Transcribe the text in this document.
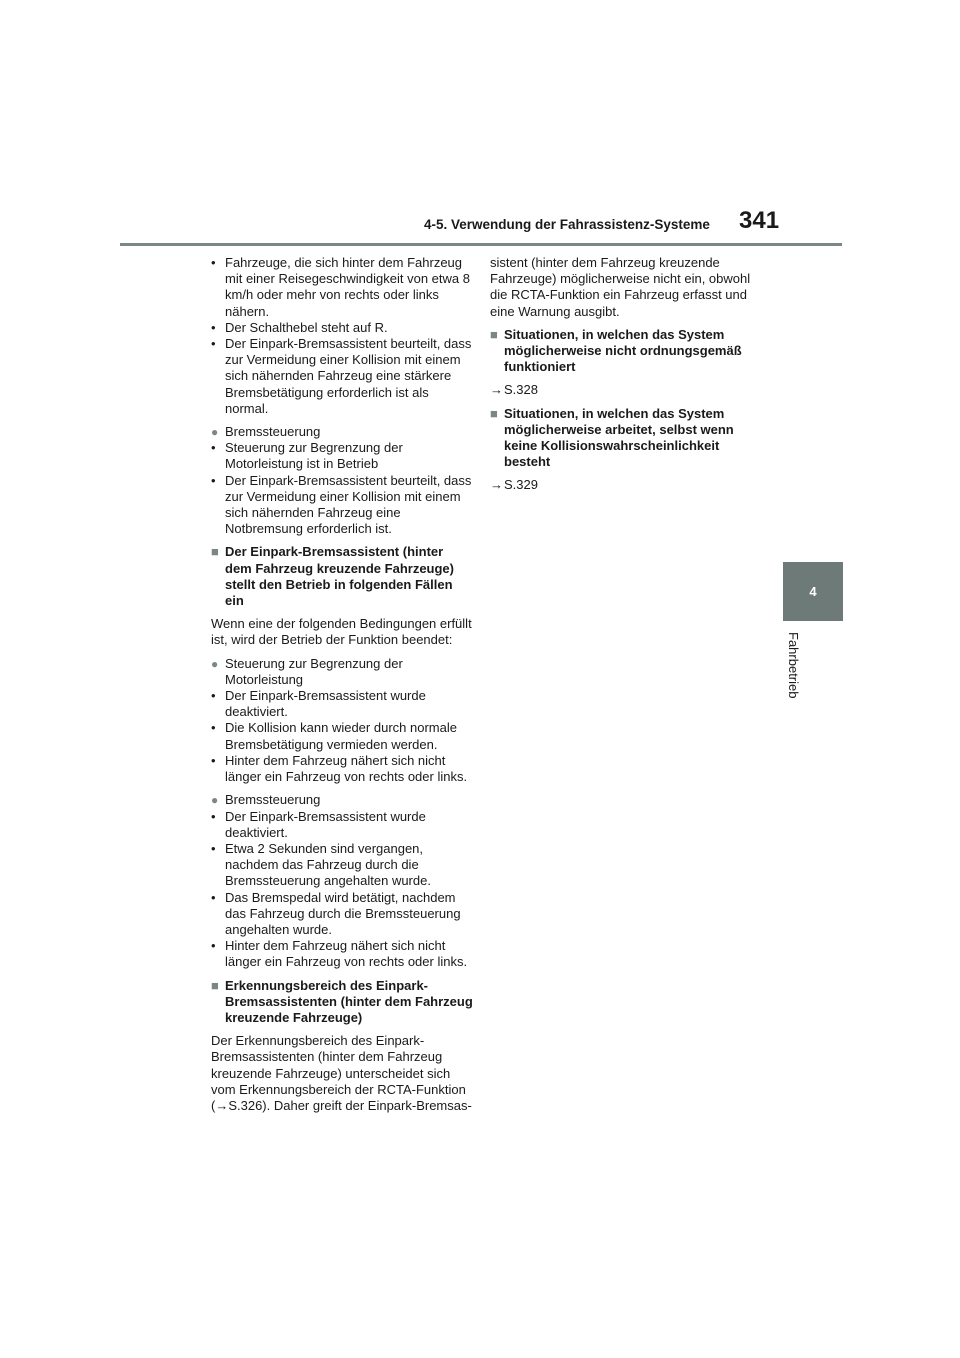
4-5. Verwendung der Fahrassistenz-Systeme 341
4
Fahrbetrieb

• Fahrzeuge, die sich hinter dem Fahrzeug mit einer Reisegeschwindigkeit von etwa 8 km/h oder mehr von rechts oder links nähern.

• Der Schalthebel steht auf R.

• Der Einpark-Bremsassistent beurteilt, dass zur Vermeidung einer Kollision mit einem sich nähernden Fahrzeug eine stärkere Bremsbetätigung erforderlich ist als normal.

● Bremssteuerung

• Steuerung zur Begrenzung der Motorleistung ist in Betrieb

• Der Einpark-Bremsassistent beurteilt, dass zur Vermeidung einer Kollision mit einem sich nähernden Fahrzeug eine Notbremsung erforderlich ist.

■ Der Einpark-Bremsassistent (hinter dem Fahrzeug kreuzende Fahrzeuge) stellt den Betrieb in folgenden Fällen ein

Wenn eine der folgenden Bedingungen erfüllt ist, wird der Betrieb der Funktion beendet:

● Steuerung zur Begrenzung der Motorleistung

• Der Einpark-Bremsassistent wurde deaktiviert.

• Die Kollision kann wieder durch normale Bremsbetätigung vermieden werden.

• Hinter dem Fahrzeug nähert sich nicht länger ein Fahrzeug von rechts oder links.

● Bremssteuerung

• Der Einpark-Bremsassistent wurde deaktiviert.

• Etwa 2 Sekunden sind vergangen, nachdem das Fahrzeug durch die Bremssteuerung angehalten wurde.

• Das Bremspedal wird betätigt, nachdem das Fahrzeug durch die Bremssteuerung angehalten wurde.

• Hinter dem Fahrzeug nähert sich nicht länger ein Fahrzeug von rechts oder links.

■ Erkennungsbereich des Einpark-Bremsassistenten (hinter dem Fahrzeug kreuzende Fahrzeuge)

Der Erkennungsbereich des Einpark-Bremsassistenten (hinter dem Fahrzeug kreuzende Fahrzeuge) unterscheidet sich vom Erkennungsbereich der RCTA-Funktion (→S.326). Daher greift der Einpark-Bremsas-

sistent (hinter dem Fahrzeug kreuzende Fahrzeuge) möglicherweise nicht ein, obwohl die RCTA-Funktion ein Fahrzeug erfasst und eine Warnung ausgibt.

■ Situationen, in welchen das System möglicherweise nicht ordnungsgemäß funktioniert

→S.328

■ Situationen, in welchen das System möglicherweise arbeitet, selbst wenn keine Kollisionswahrscheinlichkeit besteht

→S.329
